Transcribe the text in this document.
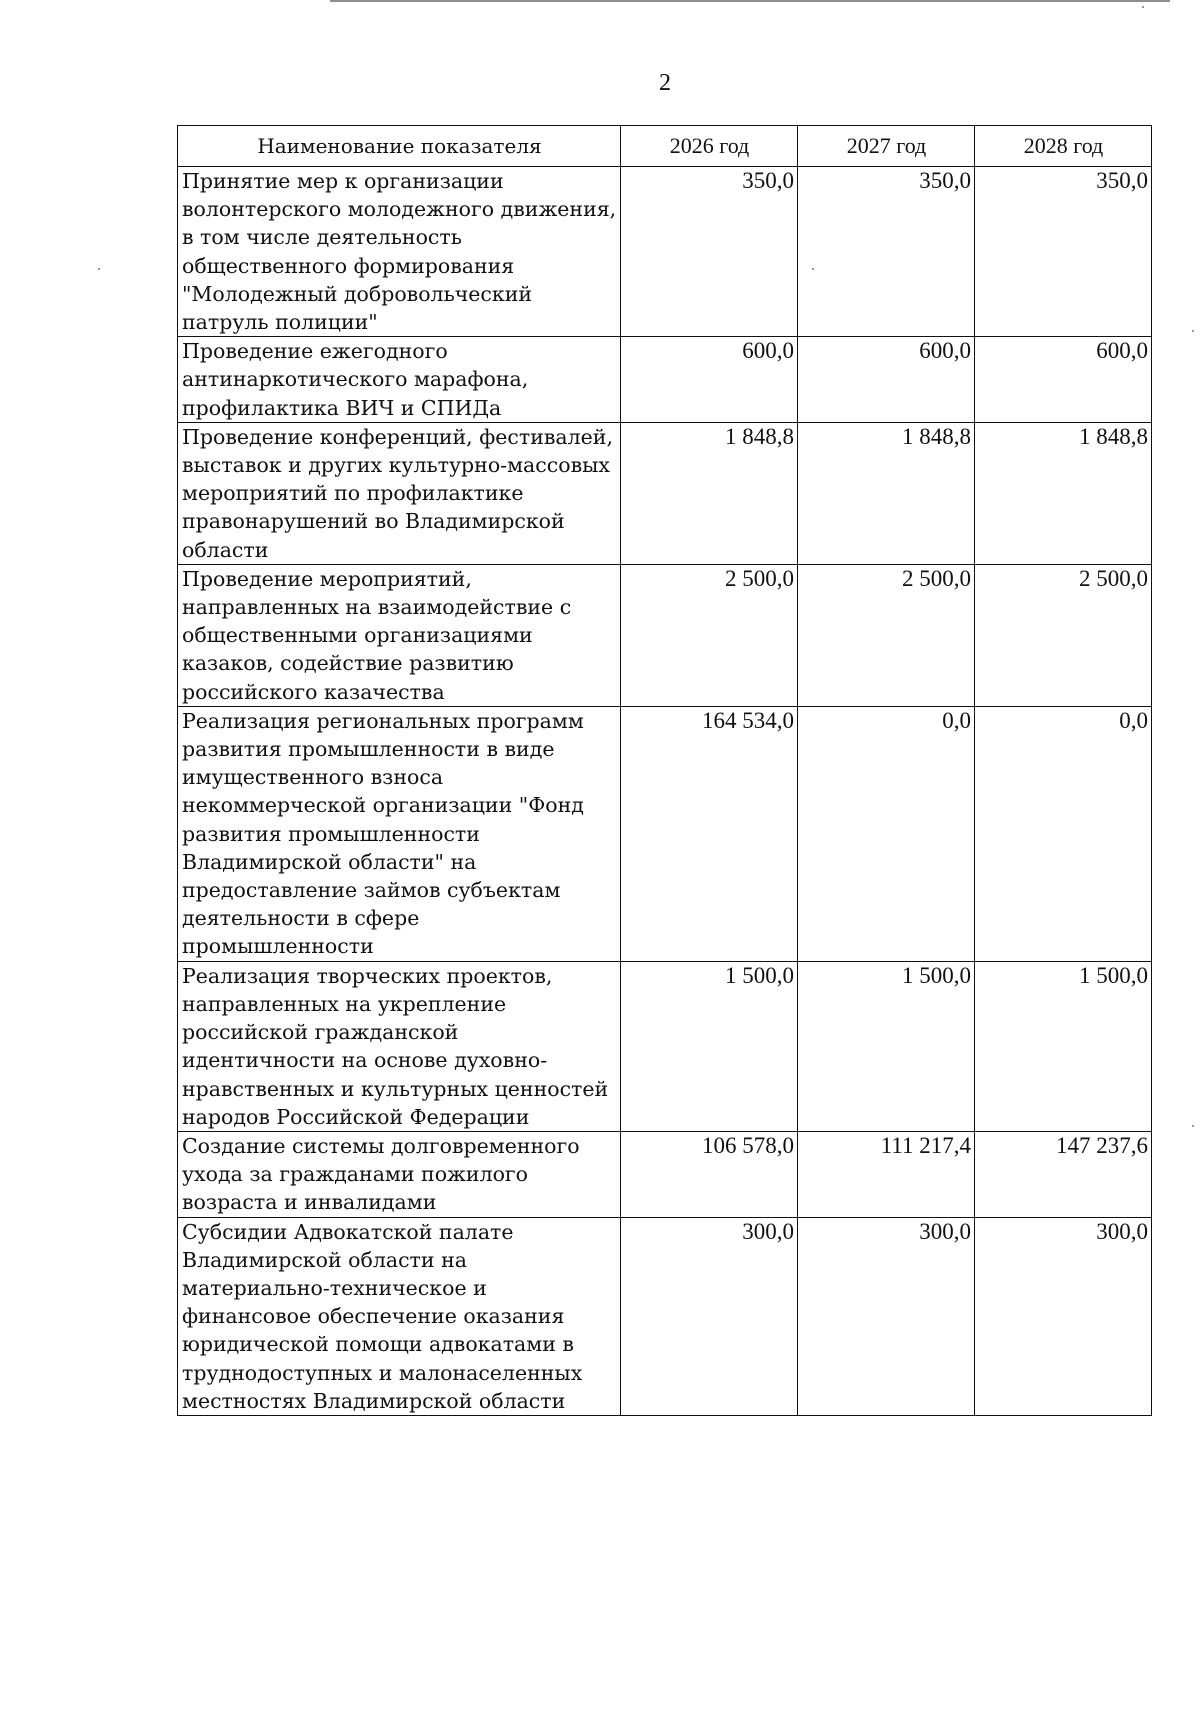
2
Наименование показателя	2026 год	2027 год	2028 год
Принятие мер к организации волонтерского молодежного движения, в том числе деятельность общественного формирования "Молодежный добровольческий патруль полиции"	350,0	350,0	350,0
Проведение ежегодного антинаркотического марафона, профилактика ВИЧ и СПИДа	600,0	600,0	600,0
Проведение конференций, фестивалей, выставок и других культурно-массовых мероприятий по профилактике правонарушений во Владимирской области	1 848,8	1 848,8	1 848,8
Проведение мероприятий, направленных на взаимодействие с общественными организациями казаков, содействие развитию российского казачества	2 500,0	2 500,0	2 500,0
Реализация региональных программ развития промышленности в виде имущественного взноса некоммерческой организации "Фонд развития промышленности Владимирской области" на предоставление займов субъектам деятельности в сфере промышленности	164 534,0	0,0	0,0
Реализация творческих проектов, направленных на укрепление российской гражданской идентичности на основе духовно-нравственных и культурных ценностей народов Российской Федерации	1 500,0	1 500,0	1 500,0
Создание системы долговременного ухода за гражданами пожилого возраста и инвалидами	106 578,0	111 217,4	147 237,6
Субсидии Адвокатской палате Владимирской области на материально-техническое и финансовое обеспечение оказания юридической помощи адвокатами в труднодоступных и малонаселенных местностях Владимирской области	300,0	300,0	300,0
